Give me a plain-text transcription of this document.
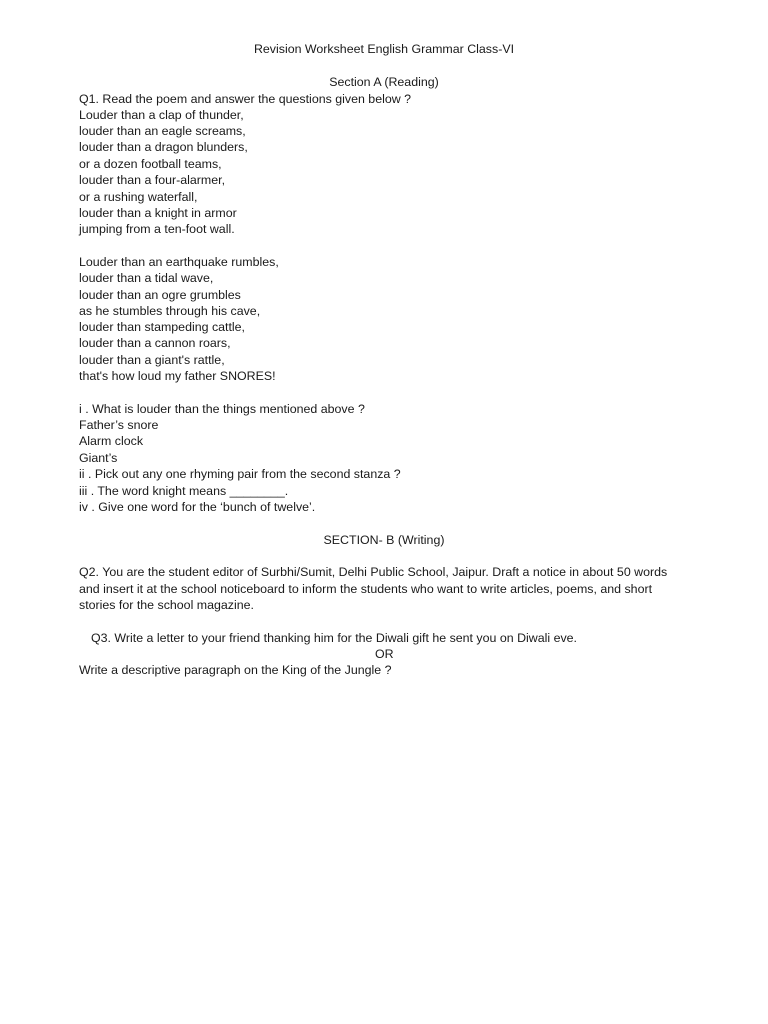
Revision Worksheet English Grammar Class-VI
Section A (Reading)
Q1. Read the poem and answer the questions given below ?
Louder than a clap of thunder,
louder than an eagle screams,
louder than a dragon blunders,
or a dozen football teams,
louder than a four-alarmer,
or a rushing waterfall,
louder than a knight in armor
jumping from a ten-foot wall.
Louder than an earthquake rumbles,
louder than a tidal wave,
louder than an ogre grumbles
as he stumbles through his cave,
louder than stampeding cattle,
louder than a cannon roars,
louder than a giant's rattle,
that's how loud my father SNORES!
i . What is louder than the things mentioned above ?
Father’s snore
Alarm clock
Giant’s
ii . Pick out any one rhyming pair from the second stanza ?
iii . The word knight means ________.
iv . Give one word for the ‘bunch of twelve’.
SECTION- B (Writing)
Q2. You are the student editor of Surbhi/Sumit, Delhi Public School, Jaipur. Draft a notice in about 50 words and insert it at the school noticeboard to inform the students who want to write articles, poems, and short stories for the school magazine.
Q3. Write a letter to your friend thanking him for the Diwali gift he sent you on Diwali eve.
OR
Write a descriptive paragraph on the King of the Jungle ?
